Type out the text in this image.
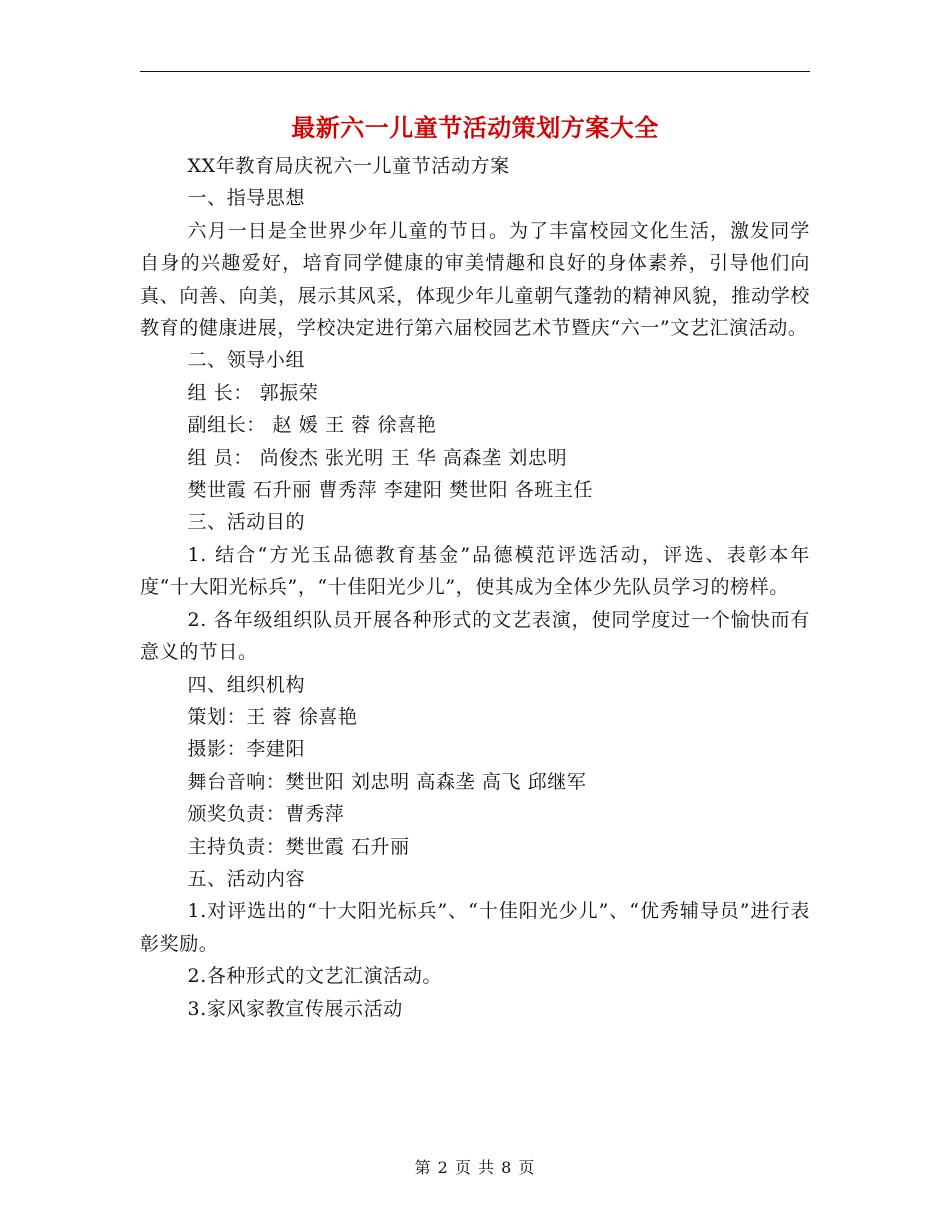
最新六一儿童节活动策划方案大全

XX年教育局庆祝六一儿童节活动方案

一、指导思想

六月一日是全世界少年儿童的节日。为了丰富校园文化生活，激发同学自身的兴趣爱好，培育同学健康的审美情趣和良好的身体素养，引导他们向真、向善、向美，展示其风采，体现少年儿童朝气蓬勃的精神风貌，推动学校教育的健康进展，学校决定进行第六届校园艺术节暨庆“六一”文艺汇演活动。

二、领导小组

组 长： 郭振荣

副组长： 赵 媛 王 蓉 徐喜艳

组 员： 尚俊杰 张光明 王 华 高森垄 刘忠明

樊世霞 石升丽 曹秀萍 李建阳 樊世阳 各班主任

三、活动目的

1. 结合“方光玉品德教育基金”品德模范评选活动，评选、表彰本年度“十大阳光标兵”，“十佳阳光少儿”，使其成为全体少先队员学习的榜样。

2. 各年级组织队员开展各种形式的文艺表演，使同学度过一个愉快而有意义的节日。

四、组织机构

策划：王 蓉 徐喜艳

摄影：李建阳

舞台音响：樊世阳 刘忠明 高森垄 高飞 邱继军

颁奖负责：曹秀萍

主持负责：樊世霞 石升丽

五、活动内容

1.对评选出的“十大阳光标兵”、“十佳阳光少儿”、“优秀辅导员”进行表彰奖励。

2.各种形式的文艺汇演活动。

3.家风家教宣传展示活动

第 2 页 共 8 页
